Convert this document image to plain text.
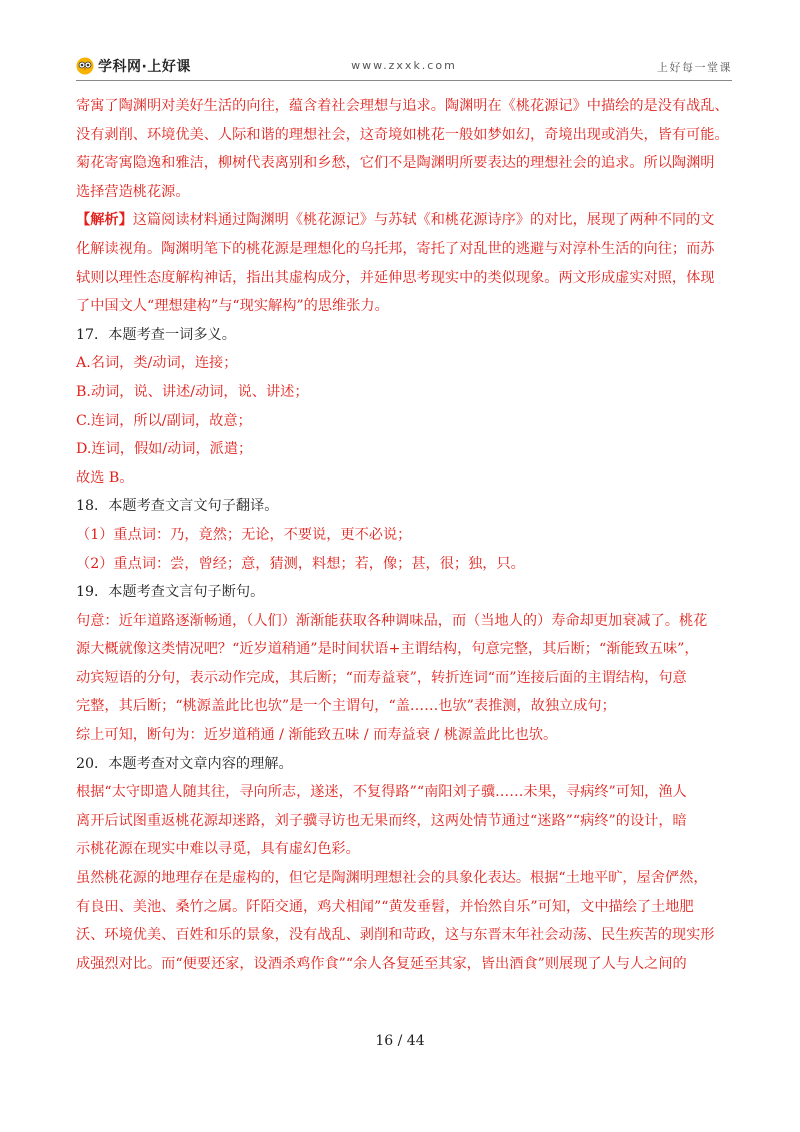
学科网·上好课	www.zxxk.com	上好每一堂课
寄寓了陶渊明对美好生活的向往，蕴含着社会理想与追求。陶渊明在《桃花源记》中描绘的是没有战乱、
没有剥削、环境优美、人际和谐的理想社会，这奇境如桃花一般如梦如幻，奇境出现或消失，皆有可能。
菊花寄寓隐逸和雅洁，柳树代表离别和乡愁，它们不是陶渊明所要表达的理想社会的追求。所以陶渊明
选择营造桃花源。
【解析】这篇阅读材料通过陶渊明《桃花源记》与苏轼《和桃花源诗序》的对比，展现了两种不同的文
化解读视角。陶渊明笔下的桃花源是理想化的乌托邦，寄托了对乱世的逃避与对淳朴生活的向往；而苏
轼则以理性态度解构神话，指出其虚构成分，并延伸思考现实中的类似现象。两文形成虚实对照，体现
了中国文人“理想建构”与“现实解构”的思维张力。
17．本题考查一词多义。
A.名词，类/动词，连接；
B.动词，说、讲述/动词，说、讲述；
C.连词，所以/副词，故意；
D.连词，假如/动词，派遣；
故选 B。
18．本题考查文言文句子翻译。
（1）重点词：乃，竟然；无论，不要说，更不必说；
（2）重点词：尝，曾经；意，猜测，料想；若，像；甚，很；独，只。
19．本题考查文言句子断句。
句意：近年道路逐渐畅通，（人们）渐渐能获取各种调味品，而（当地人的）寿命却更加衰减了。桃花
源大概就像这类情况吧？“近岁道稍通”是时间状语+主谓结构，句意完整，其后断；“渐能致五味”，
动宾短语的分句，表示动作完成，其后断；“而寿益衰”，转折连词“而”连接后面的主谓结构，句意
完整，其后断；“桃源盖此比也欤”是一个主谓句，“盖……也欤”表推测，故独立成句；
综上可知，断句为：近岁道稍通 / 渐能致五味 / 而寿益衰 / 桃源盖此比也欤。
20．本题考查对文章内容的理解。
根据“太守即遣人随其往，寻向所志，遂迷，不复得路”“南阳刘子骥……未果，寻病终”可知，渔人
离开后试图重返桃花源却迷路，刘子骥寻访也无果而终，这两处情节通过“迷路”“病终”的设计，暗
示桃花源在现实中难以寻觅，具有虚幻色彩。
虽然桃花源的地理存在是虚构的，但它是陶渊明理想社会的具象化表达。根据“土地平旷，屋舍俨然，
有良田、美池、桑竹之属。阡陌交通，鸡犬相闻”“黄发垂髫，并怡然自乐”可知，文中描绘了土地肥
沃、环境优美、百姓和乐的景象，没有战乱、剥削和苛政，这与东晋末年社会动荡、民生疾苦的现实形
成强烈对比。而“便要还家，设酒杀鸡作食”“余人各复延至其家，皆出酒食”则展现了人与人之间的
16 / 44
